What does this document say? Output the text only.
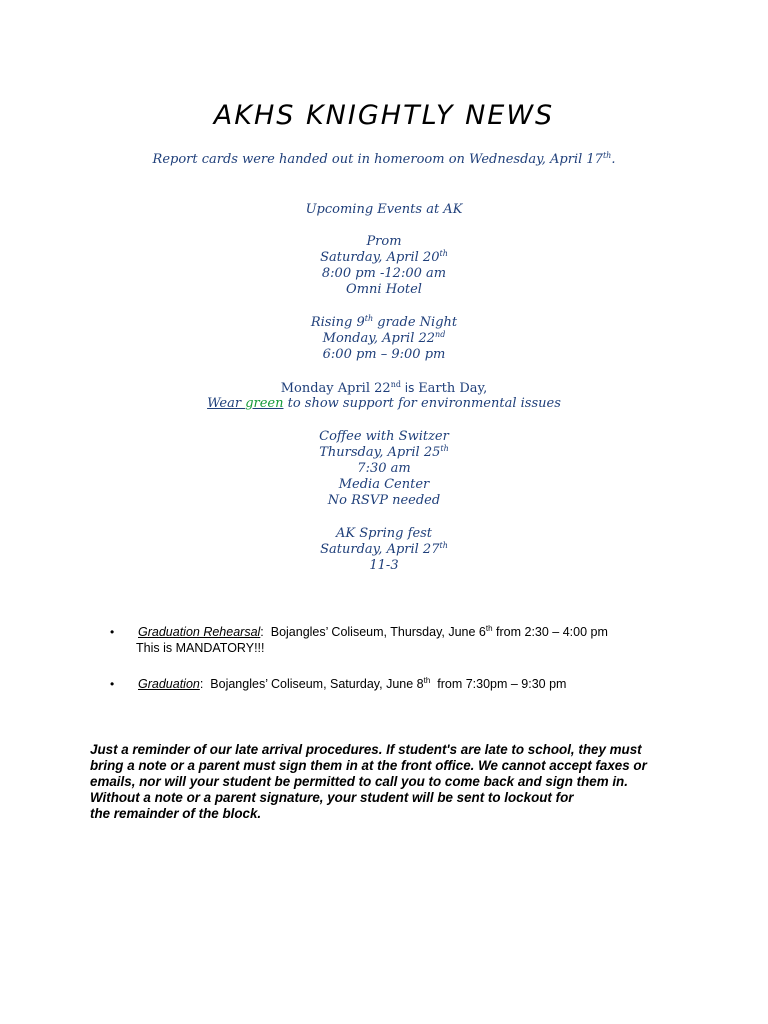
AKHS KNIGHTLY NEWS
Report cards were handed out in homeroom on Wednesday, April 17th.
Upcoming Events at AK
Prom
Saturday, April 20th
8:00 pm -12:00 am
Omni Hotel
Rising 9th grade Night
Monday, April 22nd
6:00 pm – 9:00 pm
Monday April 22nd is Earth Day,
Wear green to show support for environmental issues
Coffee with Switzer
Thursday, April 25th
7:30 am
Media Center
No RSVP needed
AK Spring fest
Saturday, April 27th
11-3
• Graduation Rehearsal:  Bojangles’ Coliseum, Thursday, June 6th from 2:30 – 4:00 pm
This is MANDATORY!!!
• Graduation:  Bojangles’ Coliseum, Saturday, June 8th  from 7:30pm – 9:30 pm
Just a reminder of our late arrival procedures. If student's are late to school, they must
bring a note or a parent must sign them in at the front office. We cannot accept faxes or
emails, nor will your student be permitted to call you to come back and sign them in.
Without a note or a parent signature, your student will be sent to lockout for
the remainder of the block.
